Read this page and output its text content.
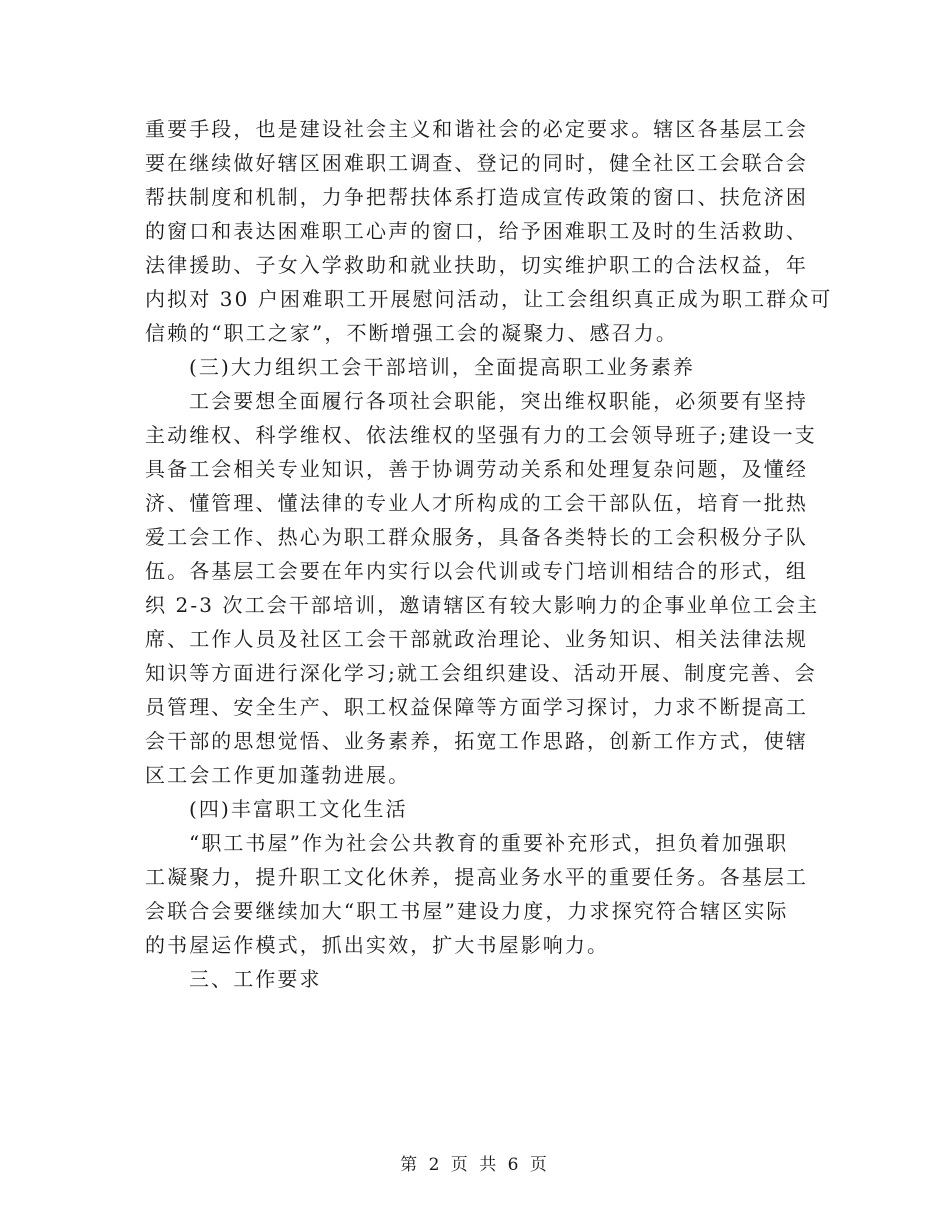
重要手段，也是建设社会主义和谐社会的必定要求。辖区各基层工会
要在继续做好辖区困难职工调查、登记的同时，健全社区工会联合会
帮扶制度和机制，力争把帮扶体系打造成宣传政策的窗口、扶危济困
的窗口和表达困难职工心声的窗口，给予困难职工及时的生活救助、
法律援助、子女入学救助和就业扶助，切实维护职工的合法权益，年
内拟对 30 户困难职工开展慰问活动，让工会组织真正成为职工群众可
信赖的“职工之家”，不断增强工会的凝聚力、感召力。
(三)大力组织工会干部培训，全面提高职工业务素养
工会要想全面履行各项社会职能，突出维权职能，必须要有坚持
主动维权、科学维权、依法维权的坚强有力的工会领导班子;建设一支
具备工会相关专业知识，善于协调劳动关系和处理复杂问题，及懂经
济、懂管理、懂法律的专业人才所构成的工会干部队伍，培育一批热
爱工会工作、热心为职工群众服务，具备各类特长的工会积极分子队
伍。各基层工会要在年内实行以会代训或专门培训相结合的形式，组
织 2-3 次工会干部培训，邀请辖区有较大影响力的企事业单位工会主
席、工作人员及社区工会干部就政治理论、业务知识、相关法律法规
知识等方面进行深化学习;就工会组织建设、活动开展、制度完善、会
员管理、安全生产、职工权益保障等方面学习探讨，力求不断提高工
会干部的思想觉悟、业务素养，拓宽工作思路，创新工作方式，使辖
区工会工作更加蓬勃进展。
(四)丰富职工文化生活
“职工书屋”作为社会公共教育的重要补充形式，担负着加强职
工凝聚力，提升职工文化休养，提高业务水平的重要任务。各基层工
会联合会要继续加大“职工书屋”建设力度，力求探究符合辖区实际
的书屋运作模式，抓出实效，扩大书屋影响力。
三、工作要求
第 2 页 共 6 页
